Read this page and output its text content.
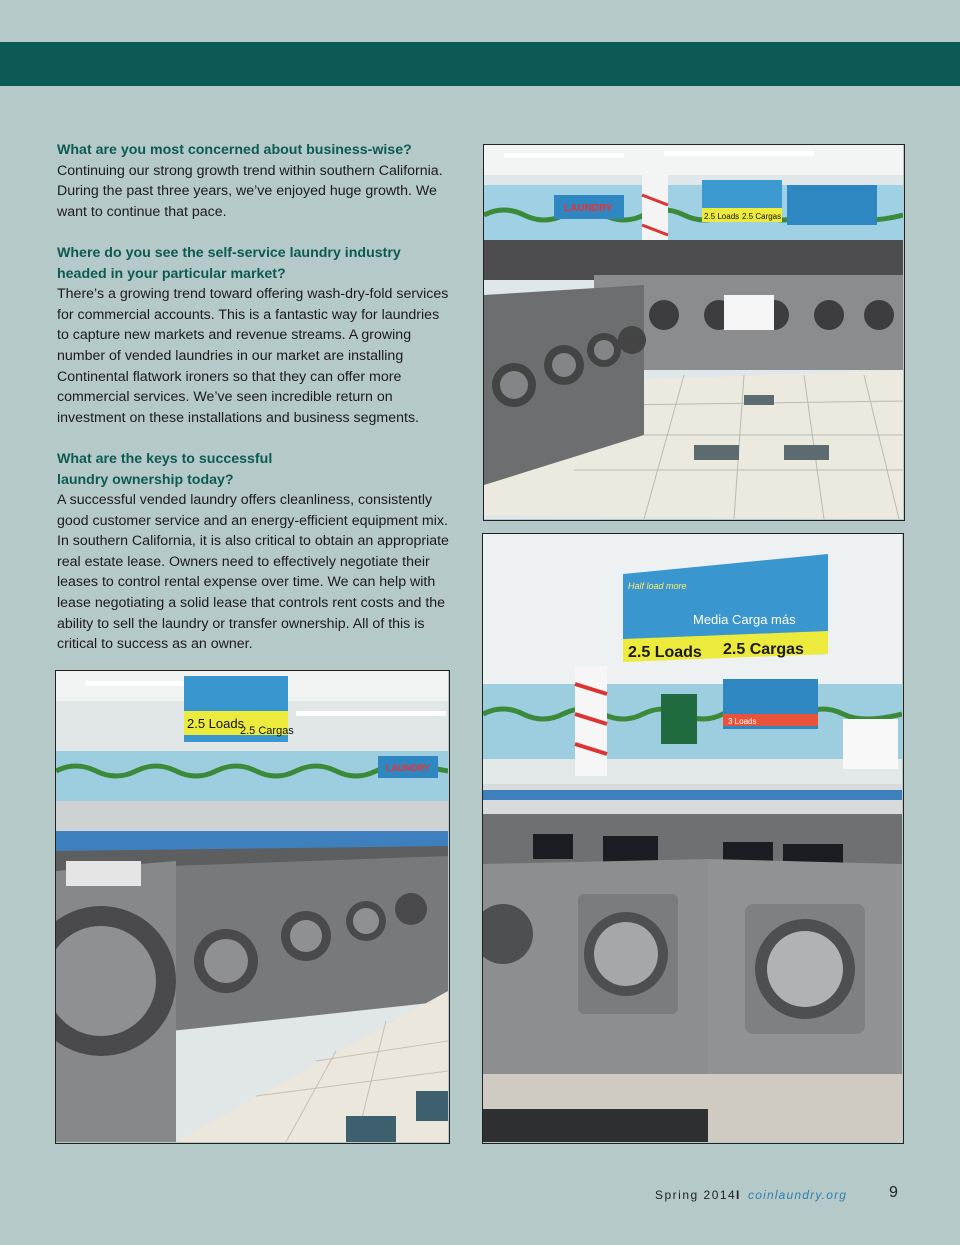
What are you most concerned about business-wise?

Continuing our strong growth trend within southern California. During the past three years, we’ve enjoyed huge growth. We want to continue that pace.

Where do you see the self-service laundry industry headed in your particular market?

There’s a growing trend toward offering wash-dry-fold services for commercial accounts. This is a fantastic way for laundries to capture new markets and revenue streams. A growing number of vended laundries in our market are installing Continental flatwork ironers so that they can offer more commercial services. We’ve seen incredible return on investment on these installations and business segments.

What are the keys to successful laundry ownership today?

A successful vended laundry offers cleanliness, consistently good customer service and an energy-efficient equipment mix. In southern California, it is also critical to obtain an appropriate real estate lease. Owners need to effectively negotiate their leases to control rental expense over time. We can help with lease negotiating a solid lease that controls rent costs and the ability to sell the laundry or transfer ownership. All of this is critical to success as an owner.

LAUNDRY
2.5 Loads 2.5 Cargas
2.5 Loads
2.5 Cargas
LAUNDRY
Half load more
Media Carga más
2.5 Loads 2.5 Cargas
3 Loads
Spring 2014 I coinlaundry.org	9
